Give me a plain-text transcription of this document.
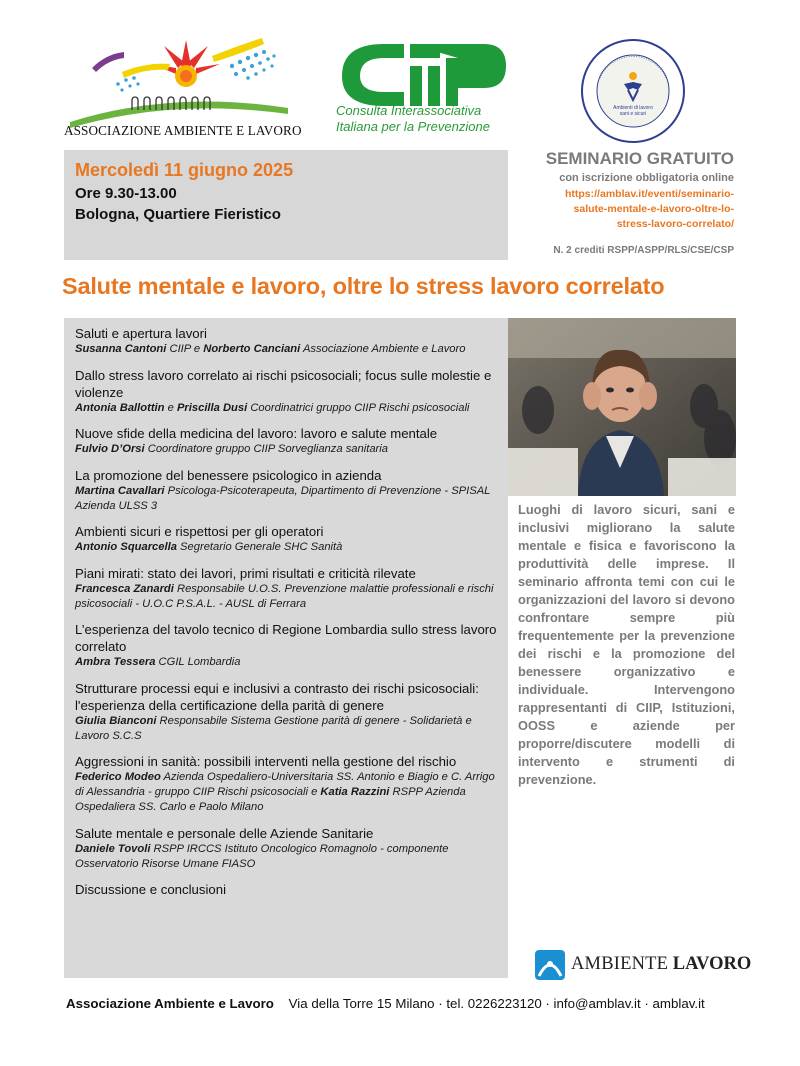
ASSOCIAZIONE AMBIENTE E LAVORO
Consulta Interassociativa
Italiana per la Prevenzione
Ambienti di lavoro
sani e sicuri
Mercoledì 11 giugno 2025
Ore 9.30-13.00
Bologna, Quartiere Fieristico
SEMINARIO GRATUITO
con iscrizione obbligatoria online
https://amblav.it/eventi/seminario-
salute-mentale-e-lavoro-oltre-lo-
stress-lavoro-correlato/
N. 2 crediti RSPP/ASPP/RLS/CSE/CSP
Salute mentale e lavoro, oltre lo stress lavoro correlato
Saluti e apertura lavori
Susanna Cantoni CIIP e Norberto Canciani Associazione Ambiente e Lavoro
Dallo stress lavoro correlato ai rischi psicosociali; focus sulle molestie e violenze
Antonia Ballottin e Priscilla Dusi Coordinatrici gruppo CIIP Rischi psicosociali
Nuove sfide della medicina del lavoro: lavoro e salute mentale
Fulvio D’Orsi Coordinatore gruppo CIIP Sorveglianza sanitaria
La promozione del benessere psicologico in azienda
Martina Cavallari Psicologa-Psicoterapeuta, Dipartimento di Prevenzione - SPISAL Azienda ULSS 3
Ambienti sicuri e rispettosi per gli operatori
Antonio Squarcella Segretario Generale SHC Sanità
Piani mirati: stato dei lavori, primi risultati e criticità rilevate
Francesca Zanardi Responsabile U.O.S. Prevenzione malattie professionali e rischi psicosociali - U.O.C P.S.A.L. - AUSL di Ferrara
L’esperienza del tavolo tecnico di Regione Lombardia sullo stress lavoro correlato
Ambra Tessera CGIL Lombardia
Strutturare processi equi e inclusivi a contrasto dei rischi psicosociali: l'esperienza della certificazione della parità di genere
Giulia Bianconi Responsabile Sistema Gestione parità di genere - Solidarietà e Lavoro S.C.S
Aggressioni in sanità: possibili interventi nella gestione del rischio
Federico Modeo Azienda Ospedaliero-Universitaria SS. Antonio e Biagio e C. Arrigo di Alessandria - gruppo CIIP Rischi psicosociali e Katia Razzini RSPP Azienda Ospedaliera SS. Carlo e Paolo Milano
Salute mentale e personale delle Aziende Sanitarie
Daniele Tovoli RSPP IRCCS Istituto Oncologico Romagnolo - componente Osservatorio Risorse Umane FIASO
Discussione e conclusioni
Luoghi di lavoro sicuri, sani e inclusivi migliorano la salute mentale e fisica e favoriscono la produttività delle imprese. Il seminario affronta temi con cui le organizzazioni del lavoro si devono confrontare sempre più frequentemente per la prevenzione dei rischi e la promozione del benessere organizzativo e individuale. Intervengono rappresentanti di CIIP, Istituzioni, OOSS e aziende per proporre/discutere modelli di intervento e strumenti di prevenzione.
AMBIENTE LAVORO
Associazione Ambiente e Lavoro Via della Torre 15 Milano · tel. 0226223120 · info@amblav.it · amblav.it
